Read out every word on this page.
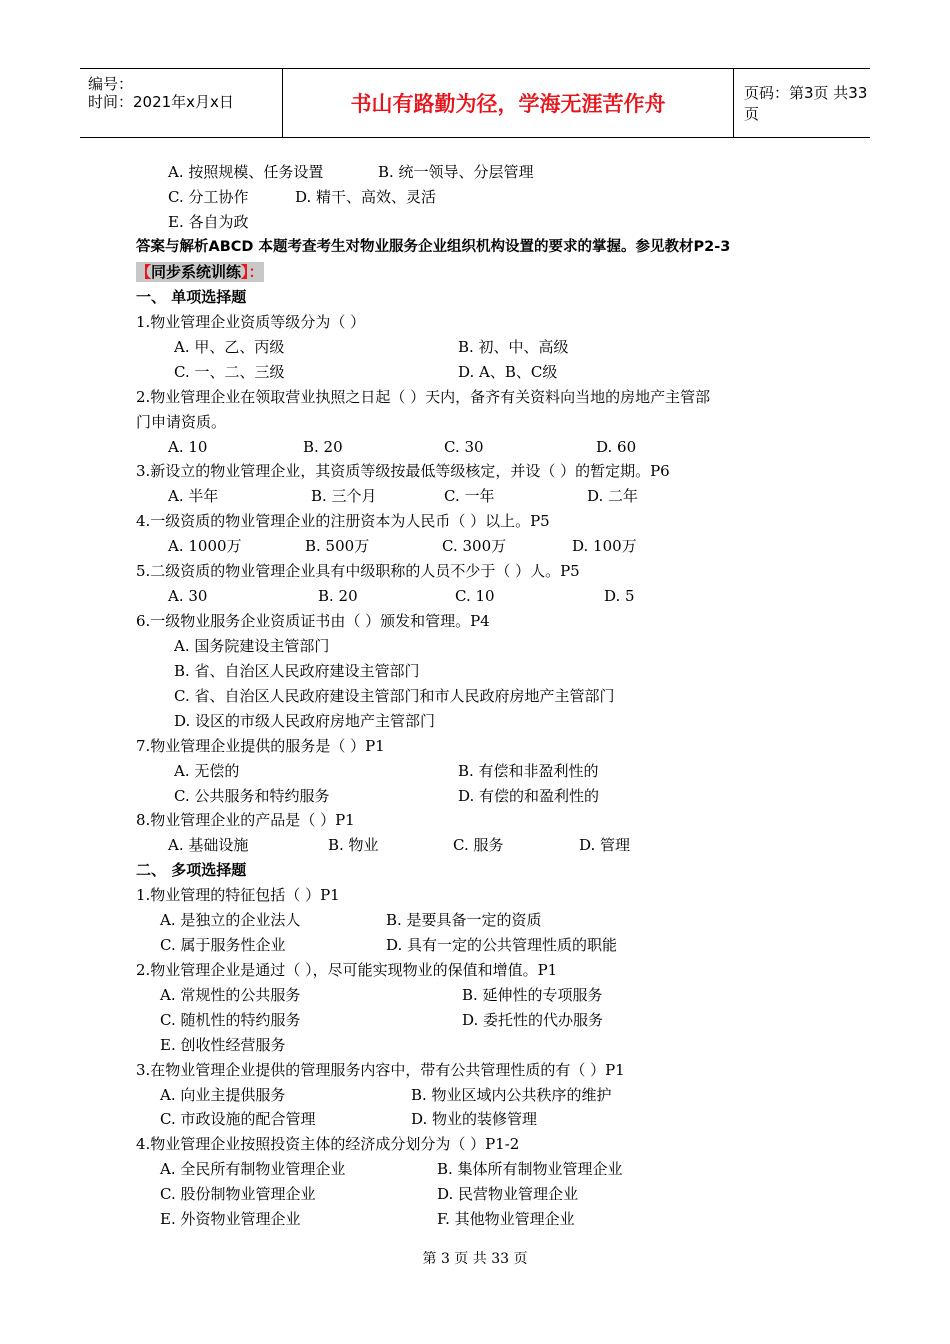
编号：
时间：2021年x月x日	书山有路勤为径，学海无涯苦作舟	页码：第3页 共33页
A. 按照规模、任务设置	B. 统一领导、分层管理
C. 分工协作	D. 精干、高效、灵活
E. 各自为政
答案与解析ABCD 本题考查考生对物业服务企业组织机构设置的要求的掌握。参见教材P2-3
【同步系统训练】：
一、 单项选择题
1.物业管理企业资质等级分为（ ）
A. 甲、乙、丙级	B. 初、中、高级
C. 一、二、三级	D. A、B、C级
2.物业管理企业在领取营业执照之日起（ ）天内，备齐有关资料向当地的房地产主管部
门申请资质。
A. 10	B. 20	C. 30	D. 60
3.新设立的物业管理企业，其资质等级按最低等级核定，并设（ ）的暂定期。P6
A. 半年	B. 三个月	C. 一年	D. 二年
4.一级资质的物业管理企业的注册资本为人民币（ ）以上。P5
A. 1000万	B. 500万	C. 300万	D. 100万
5.二级资质的物业管理企业具有中级职称的人员不少于（ ）人。P5
A. 30	B. 20	C. 10	D. 5
6.一级物业服务企业资质证书由（ ）颁发和管理。P4
A. 国务院建设主管部门
B. 省、自治区人民政府建设主管部门
C. 省、自治区人民政府建设主管部门和市人民政府房地产主管部门
D. 设区的市级人民政府房地产主管部门
7.物业管理企业提供的服务是（ ）P1
A. 无偿的	B. 有偿和非盈利性的
C. 公共服务和特约服务	D. 有偿的和盈利性的
8.物业管理企业的产品是（ ）P1
A. 基础设施	B. 物业	C. 服务	D. 管理
二、 多项选择题
1.物业管理的特征包括（ ）P1
A. 是独立的企业法人	B. 是要具备一定的资质
C. 属于服务性企业	D. 具有一定的公共管理性质的职能
2.物业管理企业是通过（ ），尽可能实现物业的保值和增值。P1
A. 常规性的公共服务	B. 延伸性的专项服务
C. 随机性的特约服务	D. 委托性的代办服务
E. 创收性经营服务
3.在物业管理企业提供的管理服务内容中，带有公共管理性质的有（ ）P1
A. 向业主提供服务	B. 物业区域内公共秩序的维护
C. 市政设施的配合管理	D. 物业的装修管理
4.物业管理企业按照投资主体的经济成分划分为（ ）P1-2
A. 全民所有制物业管理企业	B. 集体所有制物业管理企业
C. 股份制物业管理企业	D. 民营物业管理企业
E. 外资物业管理企业	F. 其他物业管理企业
第 3 页 共 33 页
